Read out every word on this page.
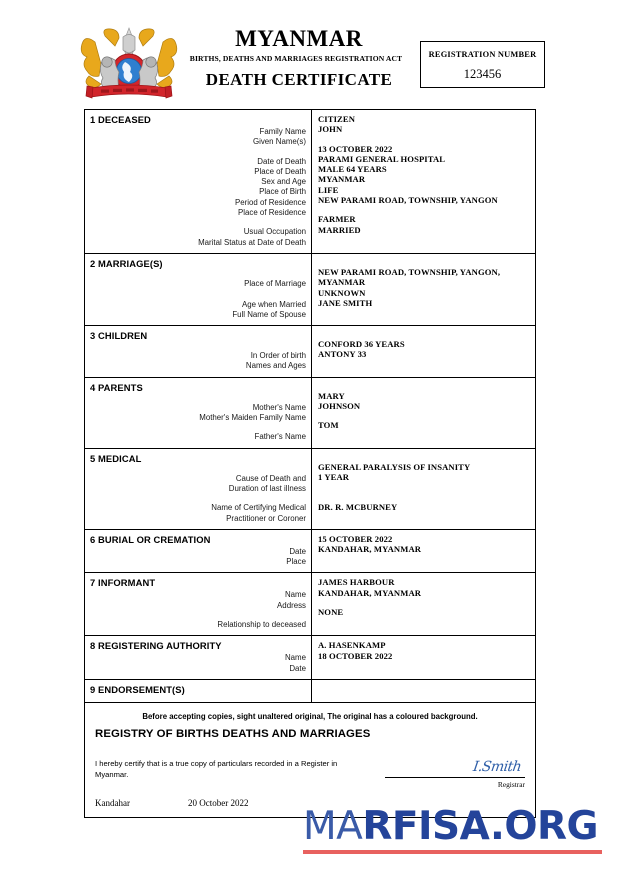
MYANMAR
BIRTHS, DEATHS AND MARRIAGES REGISTRATION ACT
DEATH CERTIFICATE
REGISTRATION NUMBER
123456
1 DECEASED
Family Name
Given Name(s)
Date of Death
Place of Death
Sex and Age
Place of Birth
Period of Residence
Place of Residence
Usual Occupation
Marital Status at Date of Death
CITIZEN
JOHN
13 OCTOBER 2022
PARAMI GENERAL HOSPITAL
MALE 64 YEARS
MYANMAR
LIFE
NEW PARAMI ROAD, TOWNSHIP, YANGON
FARMER
MARRIED
2 MARRIAGE(S)
Place of Marriage

Age when Married
Full Name of Spouse
NEW PARAMI ROAD, TOWNSHIP, YANGON,
MYANMAR
UNKNOWN
JANE SMITH
3 CHILDREN
In Order of birth
Names and Ages
CONFORD 36 YEARS
ANTONY 33
4 PARENTS
Mother's Name
Mother's Maiden Family Name
Father's Name
MARY
JOHNSON
TOM
5 MEDICAL
Cause of Death and
Duration of last illness
Name of Certifying Medical
Practitioner or Coroner
GENERAL PARALYSIS OF INSANITY
1 YEAR
DR. R. MCBURNEY
6 BURIAL OR CREMATION
Date
Place
15 OCTOBER 2022
KANDAHAR, MYANMAR
7 INFORMANT
Name
Address
Relationship to deceased
JAMES HARBOUR
KANDAHAR, MYANMAR
NONE
8 REGISTERING AUTHORITY
Name
Date
A. HASENKAMP
18 OCTOBER 2022
9 ENDORSEMENT(S)
Before accepting copies, sight unaltered original, The original has a coloured background.
REGISTRY OF BIRTHS DEATHS AND MARRIAGES
I hereby certify that is a true copy of particulars recorded in a Register in Myanmar.	I.Smith
Registrar
Kandahar	20 October 2022
MARFISA.ORG
